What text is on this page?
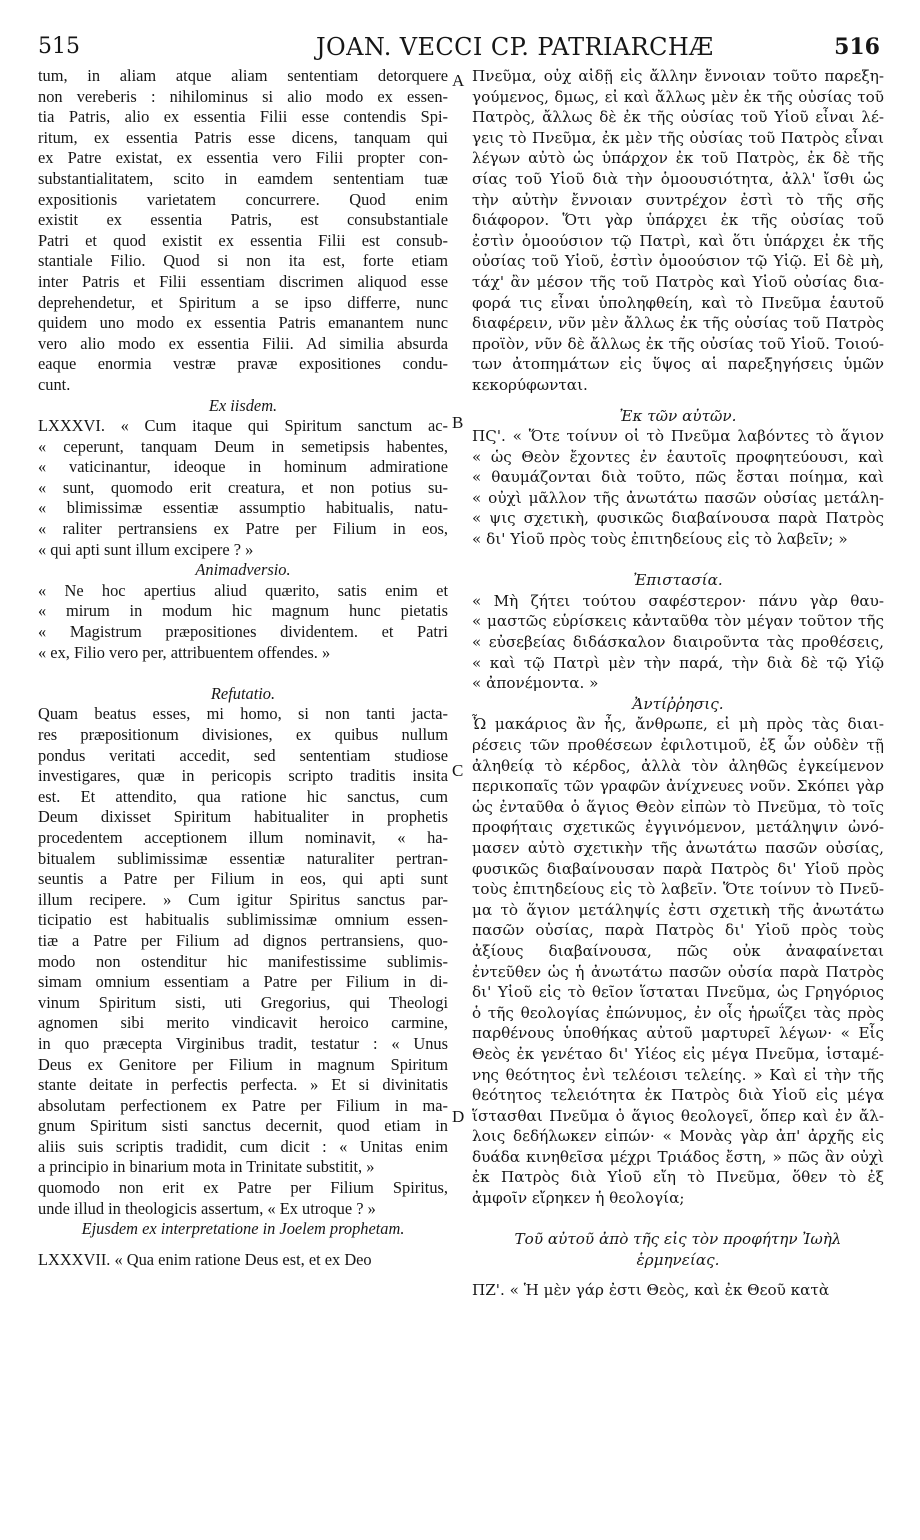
515	JOAN. VECCI CP. PATRIARCHÆ	516
A
B
C
D
tum, in aliam atque aliam sententiam detorquere
non vereberis : nihilominus si alio modo ex essen-
tia Patris, alio ex essentia Filii esse contendis Spi-
ritum, ex essentia Patris esse dicens, tanquam qui
ex Patre existat, ex essentia vero Filii propter con-
substantialitatem, scito in eamdem sententiam tuæ
expositionis varietatem concurrere. Quod enim
existit ex essentia Patris, est consubstantiale
Patri et quod existit ex essentia Filii est consub-
stantiale Filio. Quod si non ita est, forte etiam
inter Patris et Filii essentiam discrimen aliquod esse
deprehendetur, et Spiritum a se ipso differre, nunc
quidem uno modo ex essentia Patris emanantem nunc
vero alio modo ex essentia Filii. Ad similia absurda
eaque enormia vestræ pravæ expositiones condu-
cunt.
Ex iisdem.
LXXXVI. « Cum itaque qui Spiritum sanctum ac-
« ceperunt, tanquam Deum in semetipsis habentes,
« vaticinantur, ideoque in hominum admiratione
« sunt, quomodo erit creatura, et non potius su-
« blimissimæ essentiæ assumptio habitualis, natu-
« raliter pertransiens ex Patre per Filium in eos,
« qui apti sunt illum excipere ? »
Animadversio.
« Ne hoc apertius aliud quærito, satis enim et
« mirum in modum hic magnum hunc pietatis
« Magistrum præpositiones dividentem. et Patri
« ex, Filio vero per, attribuentem offendes. »
Refutatio.
Quam beatus esses, mi homo, si non tanti jacta-
res præpositionum divisiones, ex quibus nullum
pondus veritati accedit, sed sententiam studiose
investigares, quæ in pericopis scripto traditis insita
est. Et attendito, qua ratione hic sanctus, cum
Deum dixisset Spiritum habitualiter in prophetis
procedentem acceptionem illum nominavit, « ha-
bitualem sublimissimæ essentiæ naturaliter pertran-
seuntis a Patre per Filium in eos, qui apti sunt
illum recipere. » Cum igitur Spiritus sanctus par-
ticipatio est habitualis sublimissimæ omnium essen-
tiæ a Patre per Filium ad dignos pertransiens, quo-
modo non ostenditur hic manifestissime sublimis-
simam omnium essentiam a Patre per Filium in di-
vinum Spiritum sisti, uti Gregorius, qui Theologi
agnomen sibi merito vindicavit heroico carmine,
in quo præcepta Virginibus tradit, testatur : « Unus
Deus ex Genitore per Filium in magnum Spiritum
stante deitate in perfectis perfecta. » Et si divinitatis
absolutam perfectionem ex Patre per Filium in ma-
gnum Spiritum sisti sanctus decernit, quod etiam in
aliis suis scriptis tradidit, cum dicit : « Unitas enim
a principio in binarium mota in Trinitate substitit, »
quomodo non erit ex Patre per Filium Spiritus,
unde illud in theologicis assertum, « Ex utroque ? »
Ejusdem ex interpretatione in Joelem prophetam.
LXXXVII. « Qua enim ratione Deus est, et ex Deo
Πνεῦμα, οὐχ αἰδῇ εἰς ἄλλην ἔννοιαν τοῦτο παρεξη-
γούμενος, δμως, εἰ καὶ ἄλλως μὲν ἐκ τῆς οὐσίας τοῦ
Πατρὸς, ἄλλως δὲ ἐκ τῆς οὐσίας τοῦ Υἱοῦ εἶναι λέ-
γεις τὸ Πνεῦμα, ἐκ μὲν τῆς οὐσίας τοῦ Πατρὸς εἶναι
λέγων αὐτὸ ὡς ὑπάρχον ἐκ τοῦ Πατρὸς, ἐκ δὲ τῆς
σίας τοῦ Υἱοῦ διὰ τὴν ὁμοουσιότητα, ἀλλ' ἴσθι ὡς
τὴν αὐτὴν ἔννοιαν συντρέχον ἐστὶ τὸ τῆς σῆς
διάφορον. Ὅτι γὰρ ὑπάρχει ἐκ τῆς οὐσίας τοῦ
ἐστὶν ὁμοούσιον τῷ Πατρὶ, καὶ ὅτι ὑπάρχει ἐκ τῆς
οὐσίας τοῦ Υἱοῦ, ἐστὶν ὁμοούσιον τῷ Υἱῷ. Εἰ δὲ μὴ,
τάχ' ἂν μέσον τῆς τοῦ Πατρὸς καὶ Υἱοῦ οὐσίας δια-
φορά τις εἶναι ὑποληφθείη, καὶ τὸ Πνεῦμα ἑαυτοῦ
διαφέρειν, νῦν μὲν ἄλλως ἐκ τῆς οὐσίας τοῦ Πατρὸς
προϊὸν, νῦν δὲ ἄλλως ἐκ τῆς οὐσίας τοῦ Υἱοῦ. Τοιού-
των ἀτοπημάτων εἰς ὕψος αἱ παρεξηγήσεις ὑμῶν
κεκορύφωνται.
Ἐκ τῶν αὐτῶν.
ΠϚ'. « Ὅτε τοίνυν οἱ τὸ Πνεῦμα λαβόντες τὸ ἅγιον
« ὡς Θεὸν ἔχοντες ἐν ἑαυτοῖς προφητεύουσι, καὶ
« θαυμάζονται διὰ τοῦτο, πῶς ἔσται ποίημα, καὶ
« οὐχὶ μᾶλλον τῆς ἀνωτάτω πασῶν οὐσίας μετάλη-
« ψις σχετικὴ, φυσικῶς διαβαίνουσα παρὰ Πατρὸς
« δι' Υἱοῦ πρὸς τοὺς ἐπιτηδείους εἰς τὸ λαβεῖν; »
Ἐπιστασία.
« Μὴ ζήτει τούτου σαφέστερον· πάνυ γὰρ θαυ-
« μαστῶς εὑρίσκεις κἀνταῦθα τὸν μέγαν τοῦτον τῆς
« εὐσεβείας διδάσκαλον διαιροῦντα τὰς προθέσεις,
« καὶ τῷ Πατρὶ μὲν τὴν παρά, τὴν διὰ δὲ τῷ Υἱῷ
« ἀπονέμοντα. »
Ἀντίῤῥησις.
Ὦ μακάριος ἂν ἦς, ἄνθρωπε, εἰ μὴ πρὸς τὰς διαι-
ρέσεις τῶν προθέσεων ἐφιλοτιμοῦ, ἐξ ὧν οὐδὲν τῇ
ἀληθείᾳ τὸ κέρδος, ἀλλὰ τὸν ἀληθῶς ἐγκείμενον
περικοπαῖς τῶν γραφῶν ἀνίχνευες νοῦν. Σκόπει γὰρ
ὡς ἐνταῦθα ὁ ἅγιος Θεὸν εἰπὼν τὸ Πνεῦμα, τὸ τοῖς
προφήταις σχετικῶς ἐγγινόμενον, μετάληψιν ὠνό-
μασεν αὐτὸ σχετικὴν τῆς ἀνωτάτω πασῶν οὐσίας,
φυσικῶς διαβαίνουσαν παρὰ Πατρὸς δι' Υἱοῦ πρὸς
τοὺς ἐπιτηδείους εἰς τὸ λαβεῖν. Ὅτε τοίνυν τὸ Πνεῦ-
μα τὸ ἅγιον μετάληψίς ἐστι σχετικὴ τῆς ἀνωτάτω
πασῶν οὐσίας, παρὰ Πατρὸς δι' Υἱοῦ πρὸς τοὺς
ἀξίους διαβαίνουσα, πῶς οὐκ ἀναφαίνεται
ἐντεῦθεν ὡς ἡ ἀνωτάτω πασῶν οὐσία παρὰ Πατρὸς
δι' Υἱοῦ εἰς τὸ θεῖον ἵσταται Πνεῦμα, ὡς Γρηγόριος
ὁ τῆς θεολογίας ἐπώνυμος, ἐν οἷς ἡρωΐζει τὰς πρὸς
παρθένους ὑποθήκας αὐτοῦ μαρτυρεῖ λέγων· « Εἷς
Θεὸς ἐκ γενέταο δι' Υἱέος εἰς μέγα Πνεῦμα, ἱσταμέ-
νης θεότητος ἐνὶ τελέοισι τελείης. » Καὶ εἰ τὴν τῆς
θεότητος τελειότητα ἐκ Πατρὸς διὰ Υἱοῦ εἰς μέγα
ἵστασθαι Πνεῦμα ὁ ἅγιος θεολογεῖ, ὅπερ καὶ ἐν ἄλ-
λοις δεδήλωκεν εἰπών· « Μονὰς γὰρ ἀπ' ἀρχῆς εἰς
δυάδα κινηθεῖσα μέχρι Τριάδος ἔστη, » πῶς ἂν οὐχὶ
ἐκ Πατρὸς διὰ Υἱοῦ εἴη τὸ Πνεῦμα, ὅθεν τὸ ἐξ
ἀμφοῖν εἴρηκεν ἡ θεολογία;
Τοῦ αὐτοῦ ἀπὸ τῆς εἰς τὸν προφήτην Ἰωὴλ
ἑρμηνείας.
ΠΖ'. « Ἡ μὲν γάρ ἐστι Θεὸς, καὶ ἐκ Θεοῦ κατὰ
